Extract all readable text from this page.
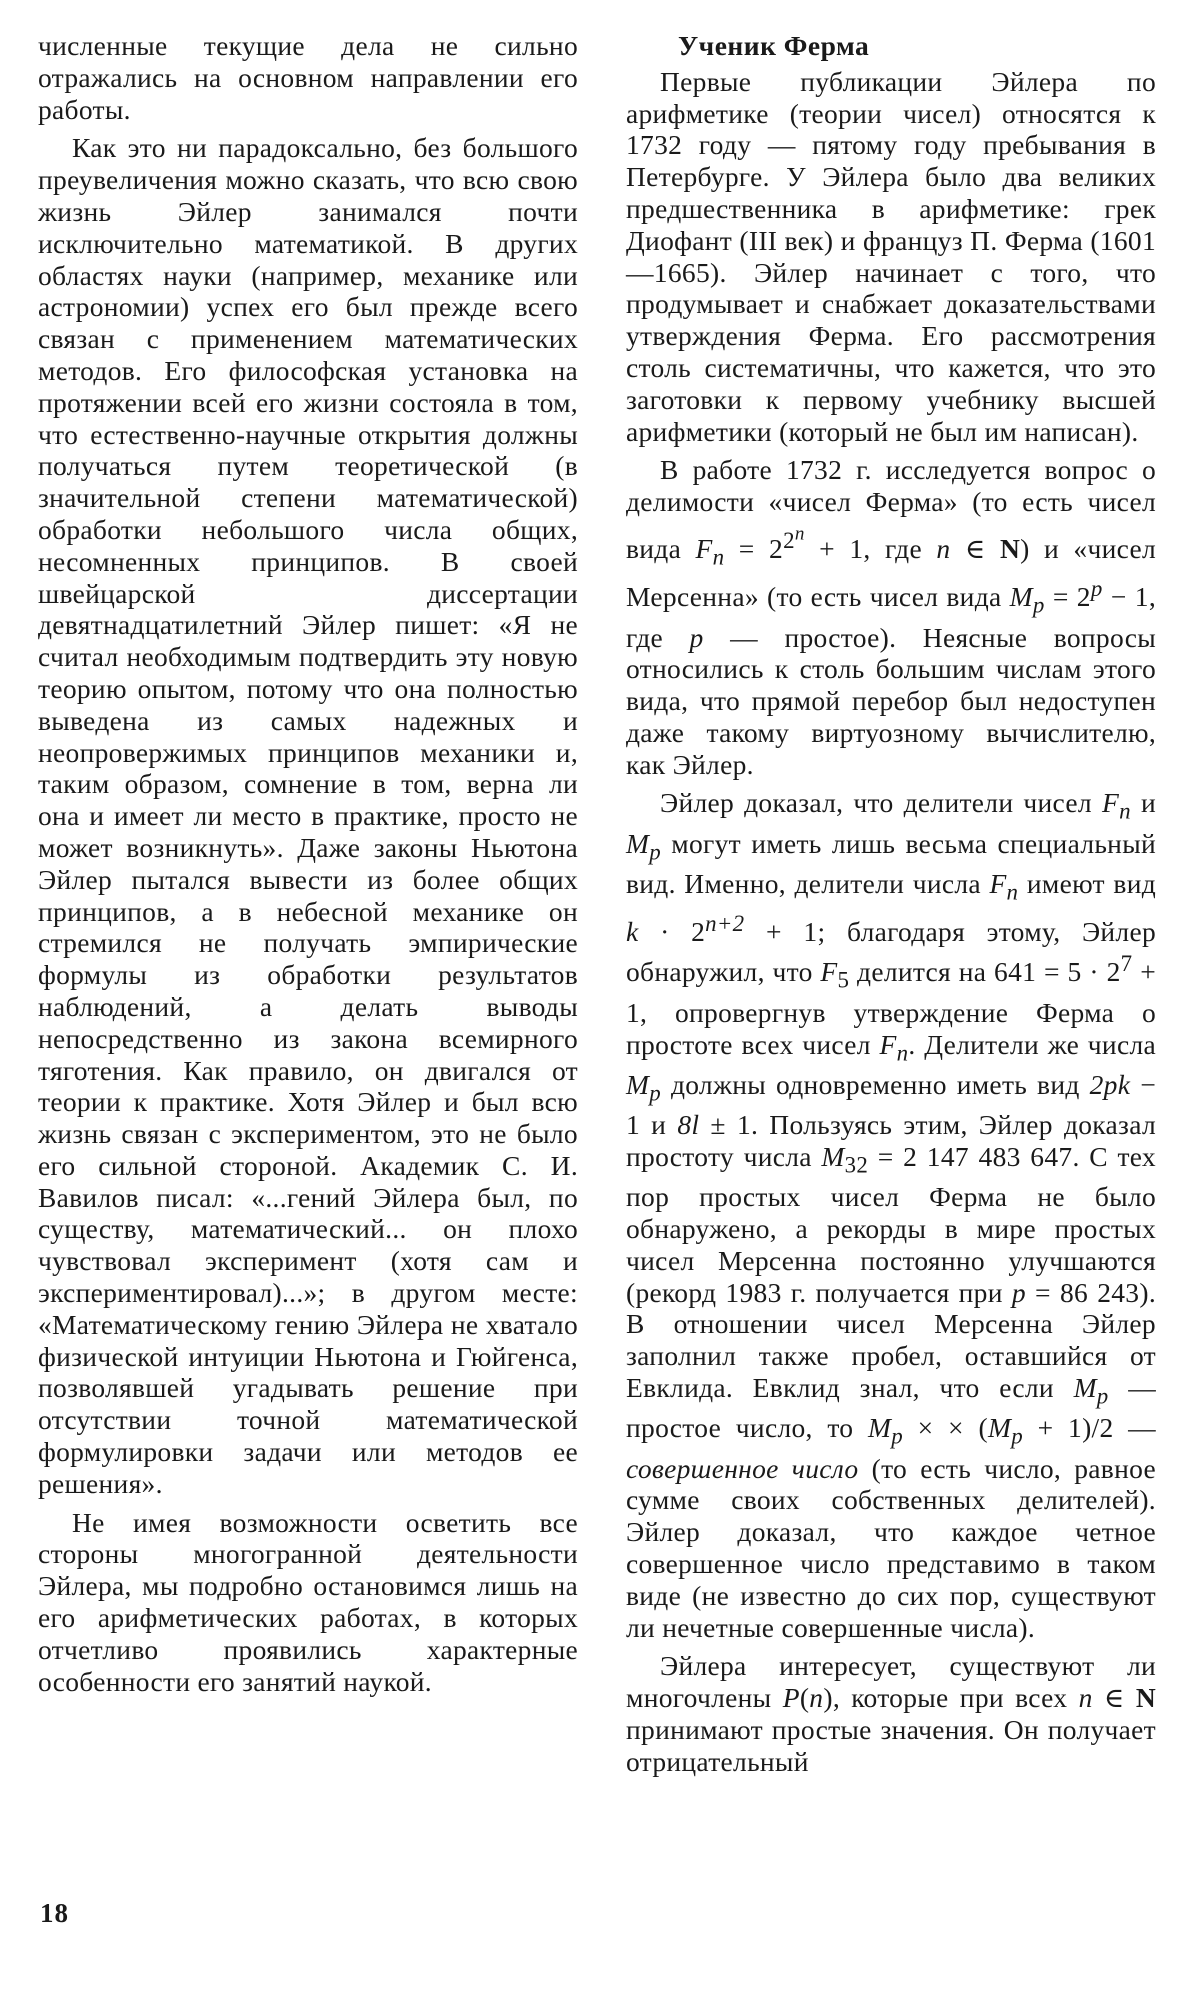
численные текущие дела не сильно отражались на основном направлении его работы.

Как это ни парадоксально, без большого преувеличения можно сказать, что всю свою жизнь Эйлер занимался почти исключительно математикой. В других областях науки (например, механике или астрономии) успех его был прежде всего связан с применением математических методов. Его философская установка на протяжении всей его жизни состояла в том, что естественно-научные открытия должны получаться путем теоретической (в значительной степени математической) обработки небольшого числа общих, несомненных принципов. В своей швейцарской диссертации девятнадцатилетний Эйлер пишет: «Я не считал необходимым подтвердить эту новую теорию опытом, потому что она полностью выведена из самых надежных и неопровержимых принципов механики и, таким образом, сомнение в том, верна ли она и имеет ли место в практике, просто не может возникнуть». Даже законы Ньютона Эйлер пытался вывести из более общих принципов, а в небесной механике он стремился не получать эмпирические формулы из обработки результатов наблюдений, а делать выводы непосредственно из закона всемирного тяготения. Как правило, он двигался от теории к практике. Хотя Эйлер и был всю жизнь связан с экспериментом, это не было его сильной стороной. Академик С. И. Вавилов писал: «...гений Эйлера был, по существу, математический... он плохо чувствовал эксперимент (хотя сам и экспериментировал)...»; в другом месте: «Математическому гению Эйлера не хватало физической интуиции Ньютона и Гюйгенса, позволявшей угадывать решение при отсутствии точной математической формулировки задачи или методов ее решения».

Не имея возможности осветить все стороны многогранной деятельности Эйлера, мы подробно остановимся лишь на его арифметических работах, в которых отчетливо проявились характерные особенности его занятий наукой.

Ученик Ферма

Первые публикации Эйлера по арифметике (теории чисел) относятся к 1732 году — пятому году пребывания в Петербурге. У Эйлера было два великих предшественника в арифметике: грек Диофант (III век) и француз П. Ферма (1601—1665). Эйлер начинает с того, что продумывает и снабжает доказательствами утверждения Ферма. Его рассмотрения столь систематичны, что кажется, что это заготовки к первому учебнику высшей арифметики (который не был им написан).

В работе 1732 г. исследуется вопрос о делимости «чисел Ферма» (то есть чисел вида $F_n = 2^{2^n} + 1$, где n ∈ N) и «чисел Мерсенна» (то есть чисел вида $M_p = 2^p - 1$, где p — простое). Неясные вопросы относились к столь большим числам этого вида, что прямой перебор был недоступен даже такому виртуозному вычислителю, как Эйлер.

Эйлер доказал, что делители чисел $F_n$ и $M_p$ могут иметь лишь весьма специальный вид. Именно, делители числа $F_n$ имеют вид $k \cdot 2^{n+2} + 1$; благодаря этому, Эйлер обнаружил, что $F_5$ делится на $641 = 5 \cdot 2^7 + 1$, опровергнув утверждение Ферма о простоте всех чисел $F_n$. Делители же числа $M_p$ должны одновременно иметь вид 2pk − 1 и 8l ± 1. Пользуясь этим, Эйлер доказал простоту числа $M_{32} = 2$ 147 483 647. С тех пор простых чисел Ферма не было обнаружено, а рекорды в мире простых чисел Мерсенна постоянно улучшаются (рекорд 1983 г. получается при p = 86 243). В отношении чисел Мерсенна Эйлер заполнил также пробел, оставшийся от Евклида. Евклид знал, что если $M_p$ — простое число, то $M_p$ × × $(M_p + 1)/2$ — совершенное число (то есть число, равное сумме своих собственных делителей). Эйлер доказал, что каждое четное совершенное число представимо в таком виде (не известно до сих пор, существуют ли нечетные совершенные числа).

Эйлера интересует, существуют ли многочлены P(n), которые при всех n ∈ N принимают простые значения. Он получает отрицательный

18
